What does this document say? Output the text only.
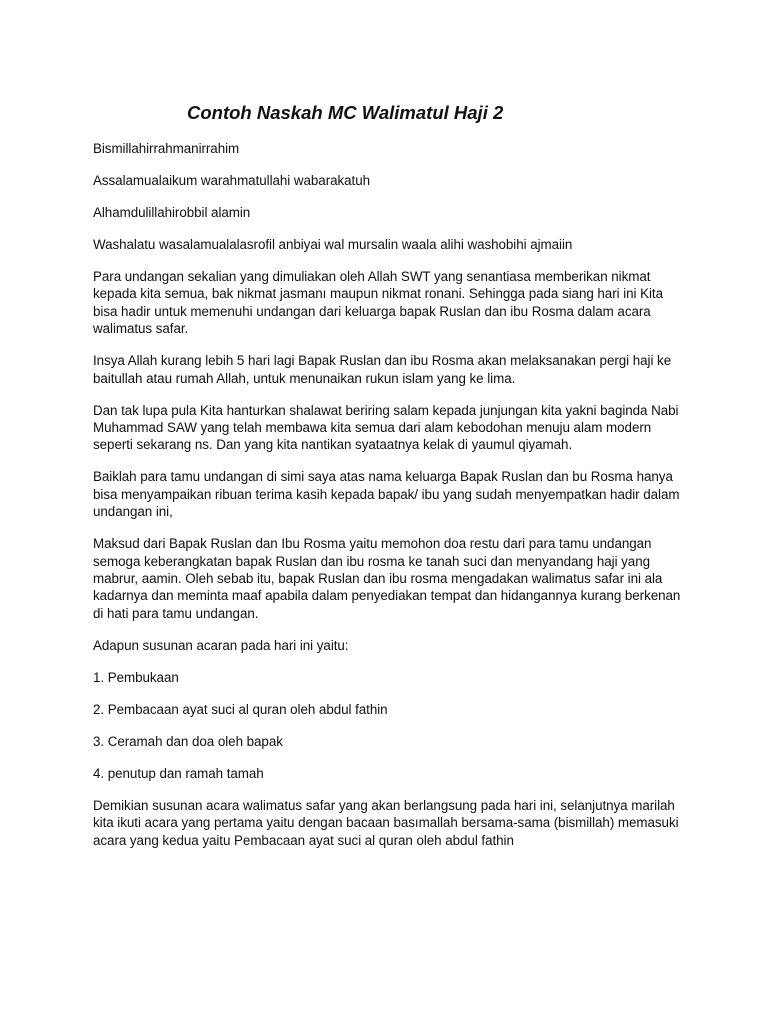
Contoh Naskah MC Walimatul Haji 2

Bismillahirrahmanirrahim

Assalamualaikum warahmatullahi wabarakatuh

Alhamdulillahirobbil alamin

Washalatu wasalamualalasrofil anbiyai wal mursalin waala alihi washobihi ajmaiin

Para undangan sekalian yang dimuliakan oleh Allah SWT yang senantiasa memberikan nikmat kepada kita semua, bak nikmat jasmanı maupun nikmat ronani. Sehingga pada siang hari ini Kita bisa hadir untuk memenuhi undangan dari keluarga bapak Ruslan dan ibu Rosma dalam acara walimatus safar.

Insya Allah kurang lebih 5 hari lagi Bapak Ruslan dan ibu Rosma akan melaksanakan pergi haji ke baitullah atau rumah Allah, untuk menunaikan rukun islam yang ke lima.

Dan tak lupa pula Kita hanturkan shalawat beriring salam kepada junjungan kita yakni baginda Nabi Muhammad SAW yang telah membawa kita semua dari alam kebodohan menuju alam modern seperti sekarang ns. Dan yang kita nantikan syataatnya kelak di yaumul qiyamah.

Baiklah para tamu undangan di simi saya atas nama keluarga Bapak Ruslan dan bu Rosma hanya bisa menyampaikan ribuan terima kasih kepada bapak/ ibu yang sudah menyempatkan hadir dalam undangan ini,

Maksud dari Bapak Ruslan dan Ibu Rosma yaitu memohon doa restu dari para tamu undangan semoga keberangkatan bapak Ruslan dan ibu rosma ke tanah suci dan menyandang haji yang mabrur, aamin. Oleh sebab itu, bapak Ruslan dan ibu rosma mengadakan walimatus safar ini ala kadarnya dan meminta maaf apabila dalam penyediakan tempat dan hidangannya kurang berkenan di hati para tamu undangan.

Adapun susunan acaran pada hari ini yaitu:

1. Pembukaan

2. Pembacaan ayat suci al quran oleh abdul fathin

3. Ceramah dan doa oleh bapak

4. penutup dan ramah tamah

Demikian susunan acara walimatus safar yang akan berlangsung pada hari ini, selanjutnya marilah kita ikuti acara yang pertama yaitu dengan bacaan basımallah bersama-sama (bismillah) memasuki acara yang kedua yaitu Pembacaan ayat suci al quran oleh abdul fathin
